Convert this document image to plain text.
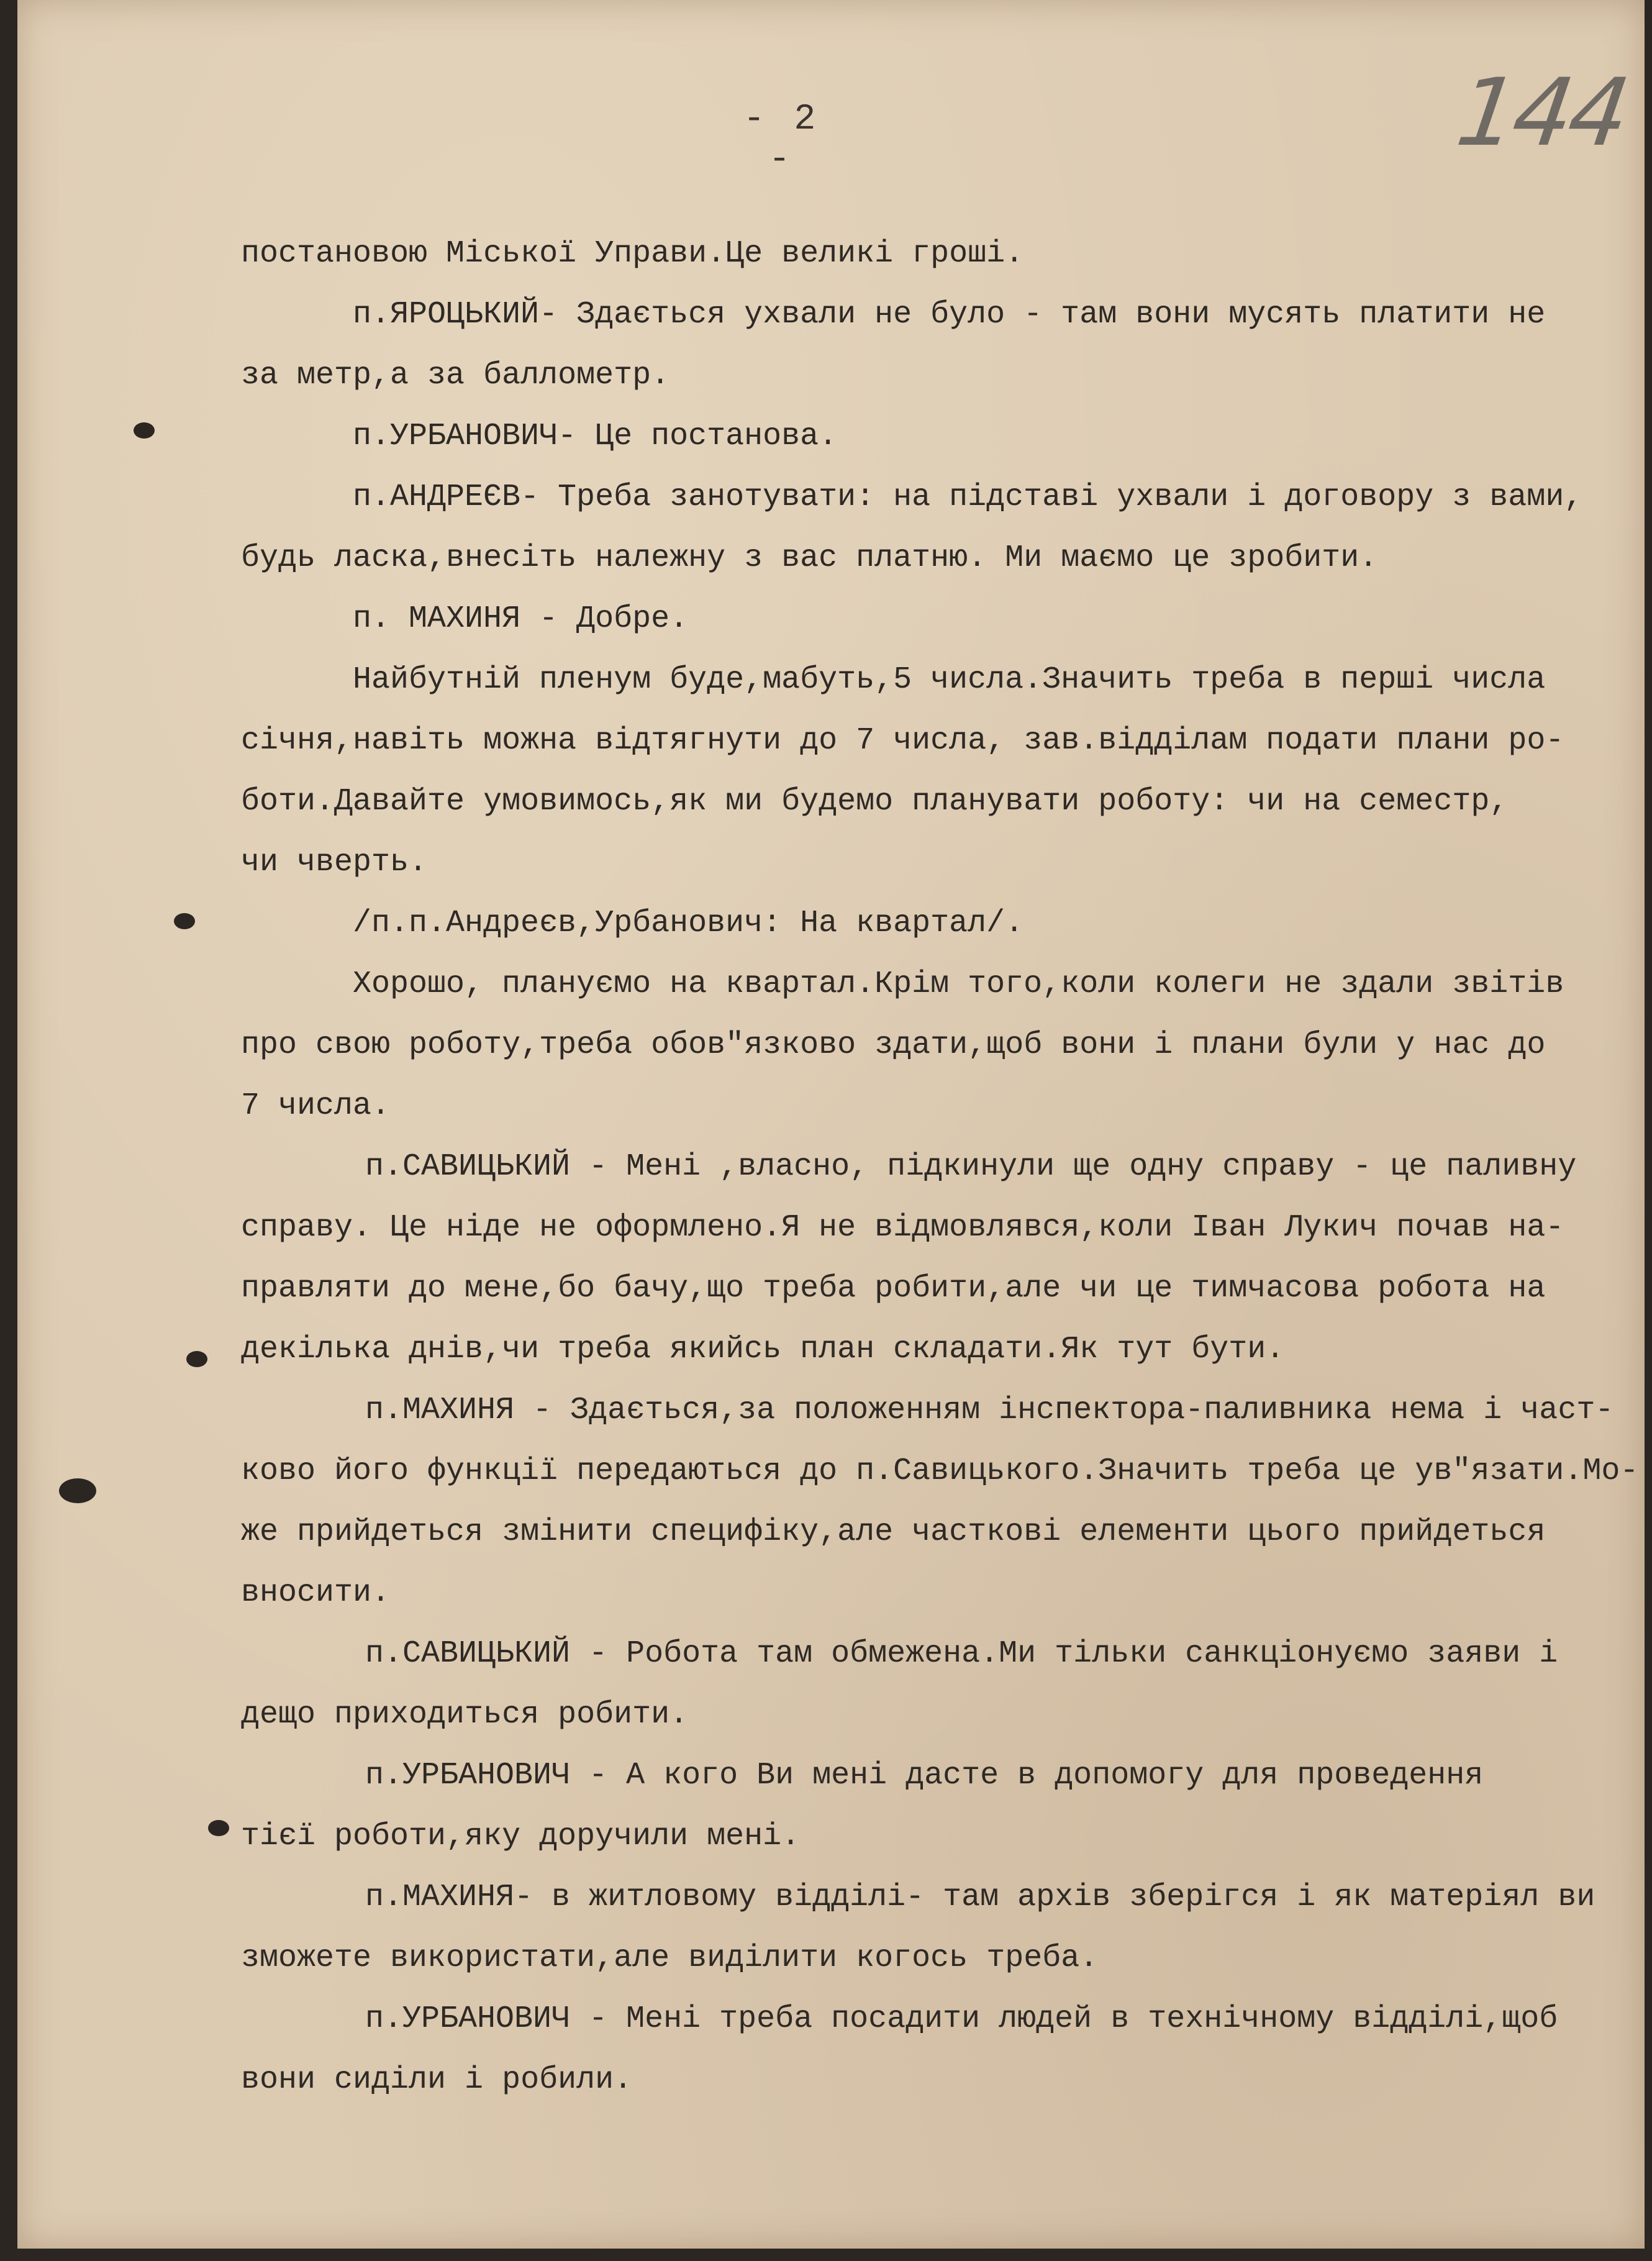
- 2 -	144
постановою Міської Управи.Це великі гроші.
п.ЯРОЦЬКИЙ- Здається ухвали не було - там вони мусять платити не
за метр,а за баллометр.
п.УРБАНОВИЧ- Це постанова.
п.АНДРЕЄВ- Треба занотувати: на підставі ухвали і договору з вами,
будь ласка,внесіть належну з вас платню. Ми маємо це зробити.
п. МАХИНЯ - Добре.
Найбутній пленум буде,мабуть,5 числа.Значить треба в перші числа
січня,навіть можна відтягнути до 7 числа, зав.відділам подати плани ро-
боти.Давайте умовимось,як ми будемо планувати роботу: чи на семестр,
чи чверть.
/п.п.Андреєв,Урбанович: На квартал/.
Хорошо, плануємо на квартал.Крім того,коли колеги не здали звітів
про свою роботу,треба обов"язково здати,щоб вони і плани були у нас до
7 числа.
п.САВИЦЬКИЙ - Мені ,власно, підкинули ще одну справу - це паливну
справу. Це ніде не оформлено.Я не відмовлявся,коли Іван Лукич почав на-
правляти до мене,бо бачу,що треба робити,але чи це тимчасова робота на
декілька днів,чи треба якийсь план складати.Як тут бути.
п.МАХИНЯ - Здається,за положенням інспектора-паливника нема і част-
ково його функції передаються до п.Савицького.Значить треба це ув"язати.Мо-
же прийдеться змінити специфіку,але часткові елементи цього прийдеться
вносити.
п.САВИЦЬКИЙ - Робота там обмежена.Ми тільки санкціонуємо заяви і
дещо приходиться робити.
п.УРБАНОВИЧ - А кого Ви мені дасте в допомогу для проведення
тієї роботи,яку доручили мені.
п.МАХИНЯ- в житловому відділі- там архів зберігся і як матеріял ви
зможете використати,але виділити когось треба.
п.УРБАНОВИЧ - Мені треба посадити людей в технічному відділі,щоб
вони сиділи і робили.
